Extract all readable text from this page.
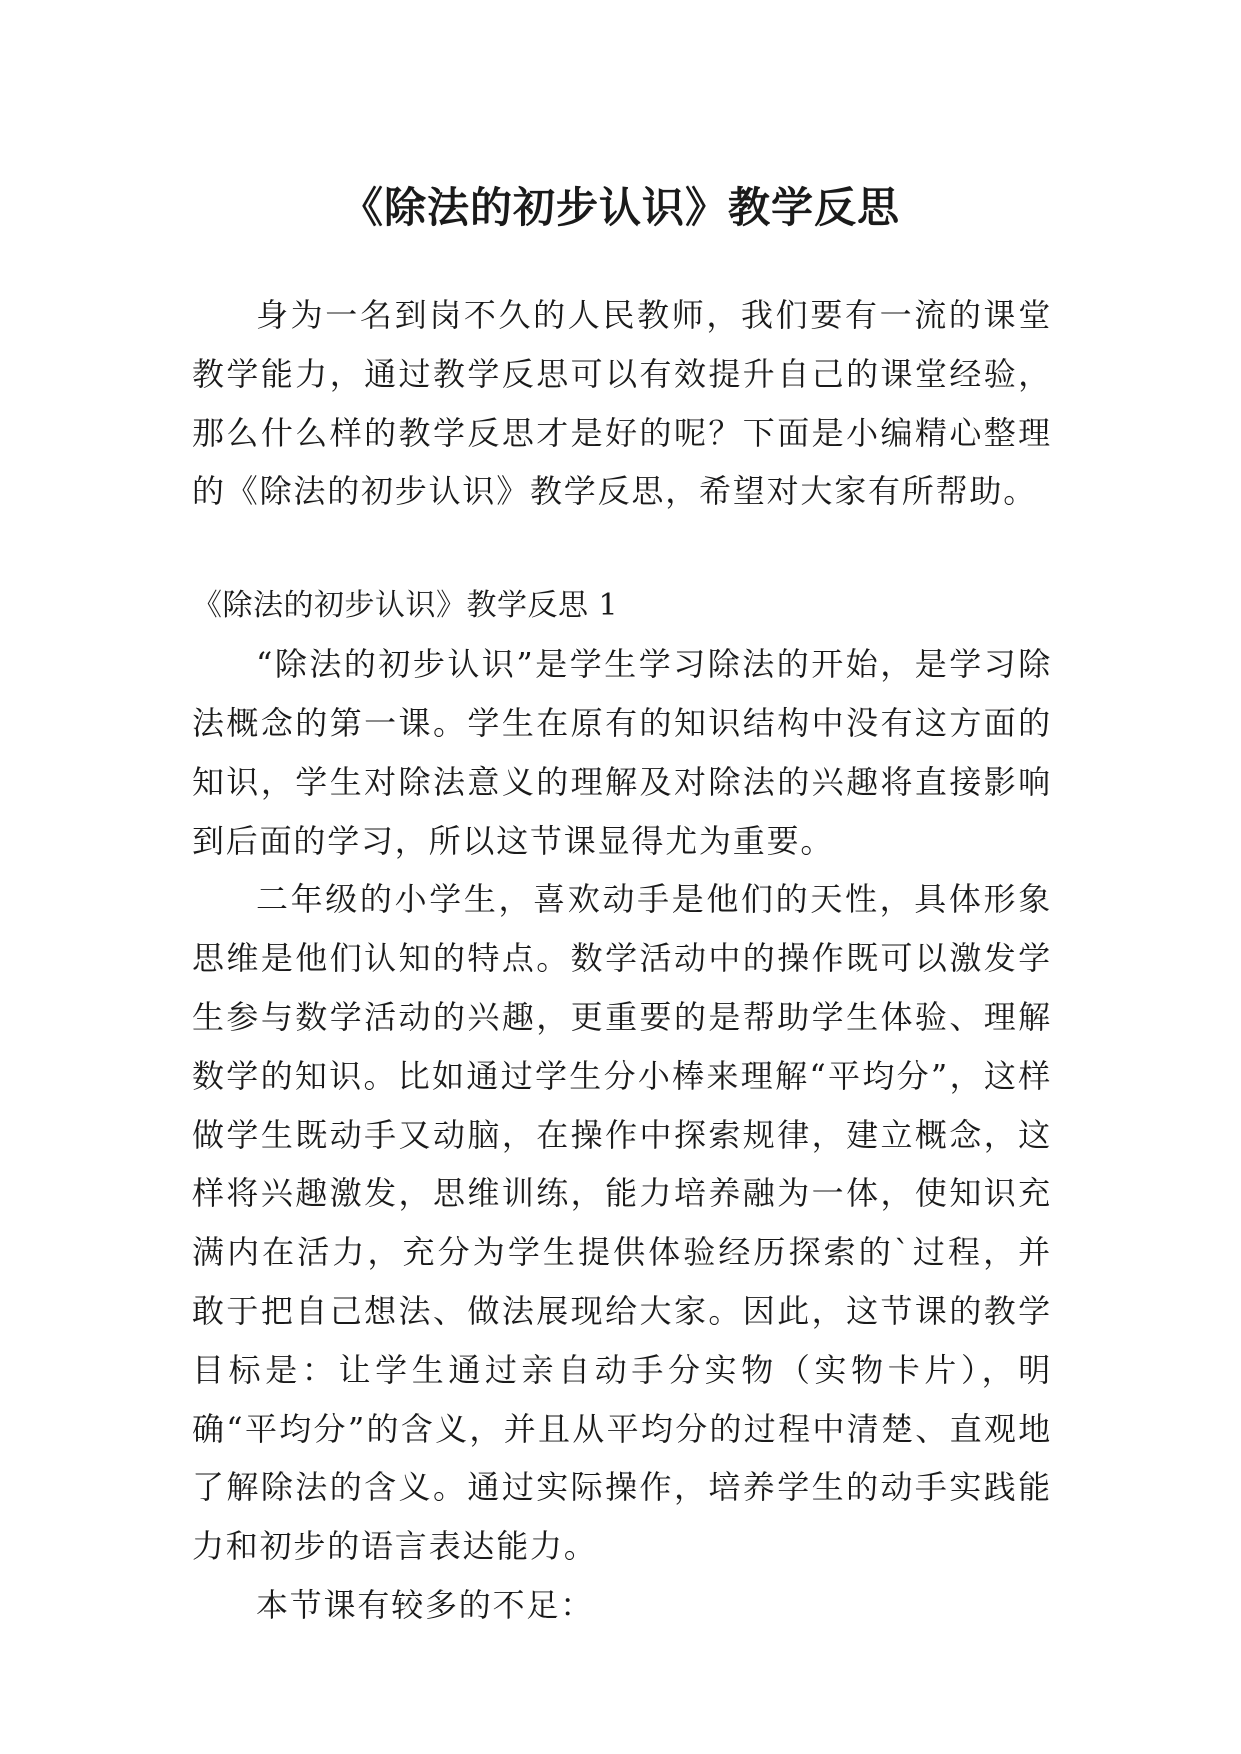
《除法的初步认识》教学反思

身为一名到岗不久的人民教师，我们要有一流的课堂教学能力，通过教学反思可以有效提升自己的课堂经验，那么什么样的教学反思才是好的呢？下面是小编精心整理的《除法的初步认识》教学反思，希望对大家有所帮助。

《除法的初步认识》教学反思 1

“除法的初步认识”是学生学习除法的开始，是学习除法概念的第一课。学生在原有的知识结构中没有这方面的知识，学生对除法意义的理解及对除法的兴趣将直接影响到后面的学习，所以这节课显得尤为重要。

二年级的小学生，喜欢动手是他们的天性，具体形象思维是他们认知的特点。数学活动中的操作既可以激发学生参与数学活动的兴趣，更重要的是帮助学生体验、理解数学的知识。比如通过学生分小棒来理解“平均分”，这样做学生既动手又动脑，在操作中探索规律，建立概念，这样将兴趣激发，思维训练，能力培养融为一体，使知识充满内在活力，充分为学生提供体验经历探索的`过程，并敢于把自己想法、做法展现给大家。因此，这节课的教学目标是：让学生通过亲自动手分实物（实物卡片），明确“平均分”的含义，并且从平均分的过程中清楚、直观地了解除法的含义。通过实际操作，培养学生的动手实践能力和初步的语言表达能力。

本节课有较多的不足：
